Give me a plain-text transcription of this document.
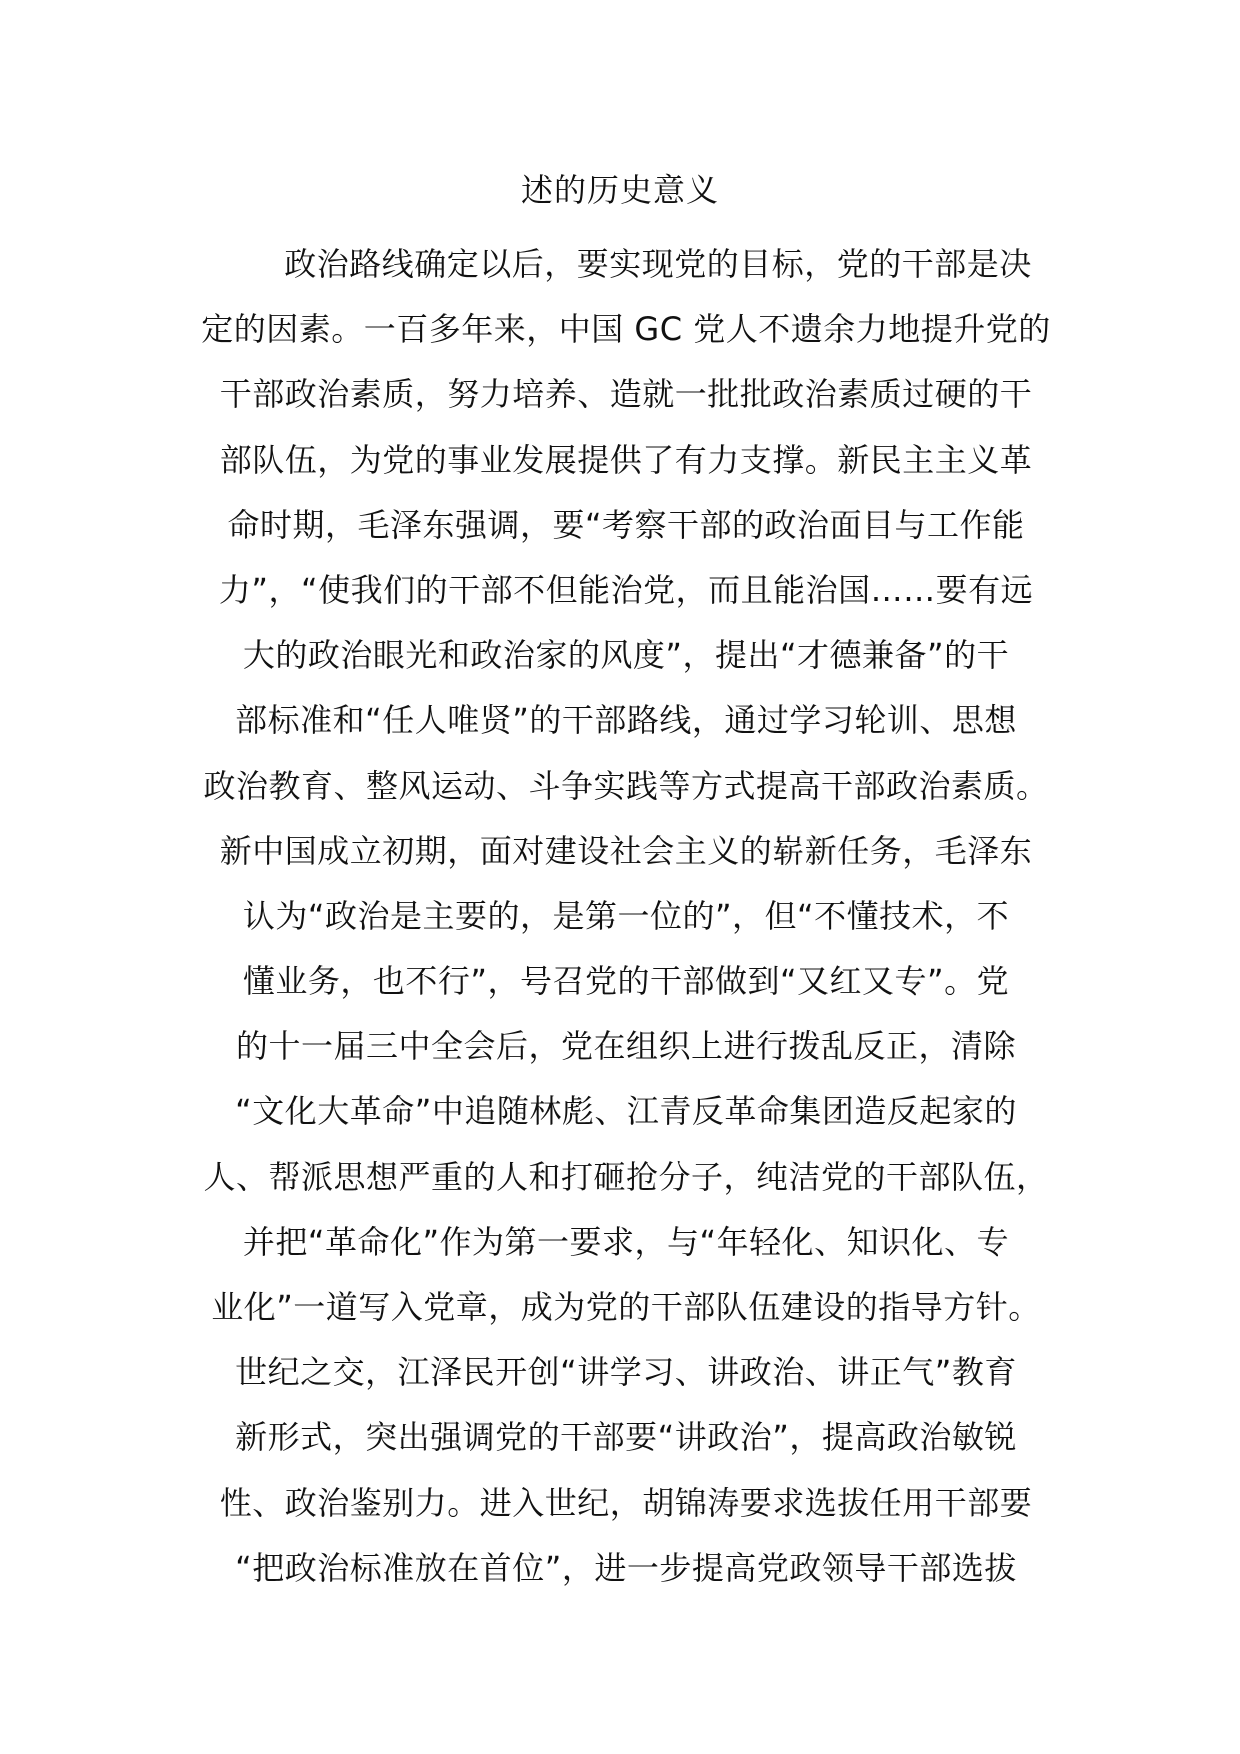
述的历史意义
政治路线确定以后，要实现党的目标，党的干部是决
定的因素。一百多年来，中国 GC 党人不遗余力地提升党的
干部政治素质，努力培养、造就一批批政治素质过硬的干
部队伍，为党的事业发展提供了有力支撑。新民主主义革
命时期，毛泽东强调，要“考察干部的政治面目与工作能
力”，“使我们的干部不但能治党，而且能治国……要有远
大的政治眼光和政治家的风度”，提出“才德兼备”的干
部标准和“任人唯贤”的干部路线，通过学习轮训、思想
政治教育、整风运动、斗争实践等方式提高干部政治素质。
新中国成立初期，面对建设社会主义的崭新任务，毛泽东
认为“政治是主要的，是第一位的”，但“不懂技术，不
懂业务，也不行”，号召党的干部做到“又红又专”。党
的十一届三中全会后，党在组织上进行拨乱反正，清除
“文化大革命”中追随林彪、江青反革命集团造反起家的
人、帮派思想严重的人和打砸抢分子，纯洁党的干部队伍，
并把“革命化”作为第一要求，与“年轻化、知识化、专
业化”一道写入党章，成为党的干部队伍建设的指导方针。
世纪之交，江泽民开创“讲学习、讲政治、讲正气”教育
新形式，突出强调党的干部要“讲政治”，提高政治敏锐
性、政治鉴别力。进入世纪，胡锦涛要求选拔任用干部要
“把政治标准放在首位”，进一步提高党政领导干部选拔
